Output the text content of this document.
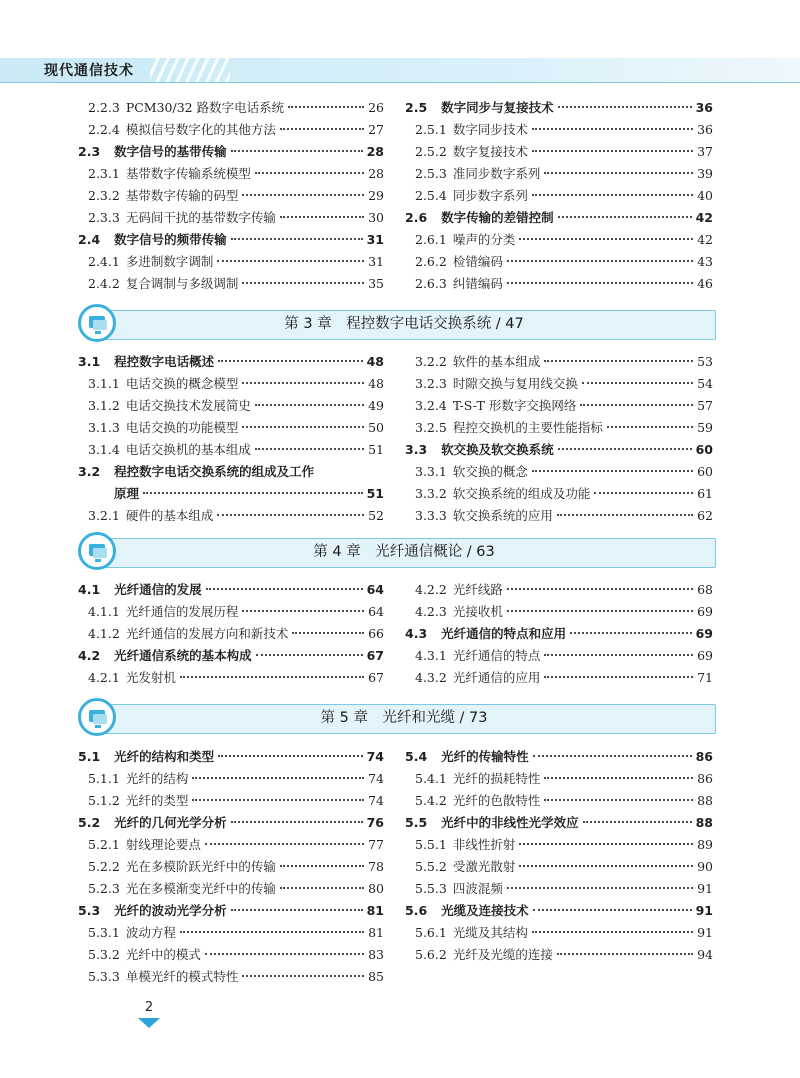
现代通信技术
2.2.3 PCM30/32 路数字电话系统	26
2.2.4 模拟信号数字化的其他方法	27
2.3 数字信号的基带传输	28
2.3.1 基带数字传输系统模型	28
2.3.2 基带数字传输的码型	29
2.3.3 无码间干扰的基带数字传输	30
2.4 数字信号的频带传输	31
2.4.1 多进制数字调制	31
2.4.2 复合调制与多级调制	35
2.5 数字同步与复接技术	36
2.5.1 数字同步技术	36
2.5.2 数字复接技术	37
2.5.3 准同步数字系列	39
2.5.4 同步数字系列	40
2.6 数字传输的差错控制	42
2.6.1 噪声的分类	42
2.6.2 检错编码	43
2.6.3 纠错编码	46
第 3 章　程控数字电话交换系统 / 47
3.1 程控数字电话概述	48
3.1.1 电话交换的概念模型	48
3.1.2 电话交换技术发展简史	49
3.1.3 电话交换的功能模型	50
3.1.4 电话交换机的基本组成	51
3.2 程控数字电话交换系统的组成及工作
原理	51
3.2.1 硬件的基本组成	52
3.2.2 软件的基本组成	53
3.2.3 时隙交换与复用线交换	54
3.2.4 T-S-T 形数字交换网络	57
3.2.5 程控交换机的主要性能指标	59
3.3 软交换及软交换系统	60
3.3.1 软交换的概念	60
3.3.2 软交换系统的组成及功能	61
3.3.3 软交换系统的应用	62
第 4 章　光纤通信概论 / 63
4.1 光纤通信的发展	64
4.1.1 光纤通信的发展历程	64
4.1.2 光纤通信的发展方向和新技术	66
4.2 光纤通信系统的基本构成	67
4.2.1 光发射机	67
4.2.2 光纤线路	68
4.2.3 光接收机	69
4.3 光纤通信的特点和应用	69
4.3.1 光纤通信的特点	69
4.3.2 光纤通信的应用	71
第 5 章　光纤和光缆 / 73
5.1 光纤的结构和类型	74
5.1.1 光纤的结构	74
5.1.2 光纤的类型	74
5.2 光纤的几何光学分析	76
5.2.1 射线理论要点	77
5.2.2 光在多模阶跃光纤中的传输	78
5.2.3 光在多模渐变光纤中的传输	80
5.3 光纤的波动光学分析	81
5.3.1 波动方程	81
5.3.2 光纤中的模式	83
5.3.3 单模光纤的模式特性	85
5.4 光纤的传输特性	86
5.4.1 光纤的损耗特性	86
5.4.2 光纤的色散特性	88
5.5 光纤中的非线性光学效应	88
5.5.1 非线性折射	89
5.5.2 受激光散射	90
5.5.3 四波混频	91
5.6 光缆及连接技术	91
5.6.1 光缆及其结构	91
5.6.2 光纤及光缆的连接	94
2
